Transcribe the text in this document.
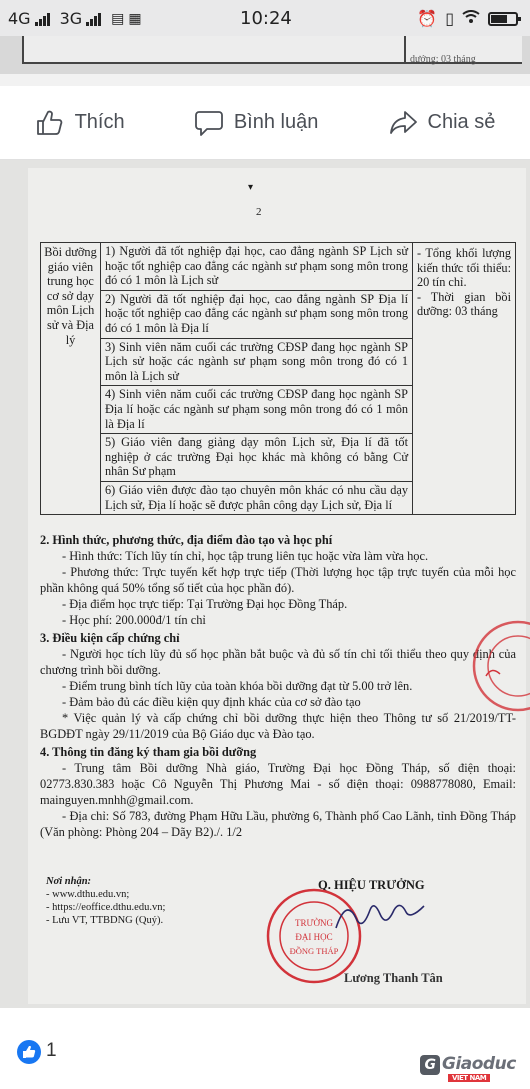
4G 3G ▤ ▦	10:24	⏰ ▯
dướng: 03 tháng
Thích	Bình luận	Chia sẻ
▾
2
Bồi dưỡng giáo viên trung học cơ sở dạy môn Lịch sử và Địa lý	
1) Người đã tốt nghiệp đại học, cao đẳng ngành SP Lịch sử hoặc tốt nghiệp cao đẳng các ngành sư phạm song môn trong đó có 1 môn là Lịch sử
2) Người đã tốt nghiệp đại học, cao đẳng ngành SP Địa lí hoặc tốt nghiệp cao đẳng các ngành sư phạm song môn trong đó có 1 môn là Địa lí
3) Sinh viên năm cuối các trường CĐSP đang học ngành SP Lịch sử hoặc các ngành sư phạm song môn trong đó có 1 môn là Lịch sử
4) Sinh viên năm cuối các trường CĐSP đang học ngành SP Địa lí hoặc các ngành sư phạm song môn trong đó có 1 môn là Địa lí
5) Giáo viên đang giảng dạy môn Lịch sử, Địa lí đã tốt nghiệp ở các trường Đại học khác mà không có bằng Cử nhân Sư phạm
6) Giáo viên được đào tạo chuyên môn khác có nhu cầu dạy Lịch sử, Địa lí hoặc sẽ được phân công dạy Lịch sử, Địa lí

- Tổng khối lượng kiến thức tối thiểu: 20 tín chỉ.
- Thời gian bồi dưỡng: 03 tháng
2. Hình thức, phương thức, địa điểm đào tạo và học phí
- Hình thức: Tích lũy tín chỉ, học tập trung liên tục hoặc vừa làm vừa học.
- Phương thức: Trực tuyến kết hợp trực tiếp (Thời lượng học tập trực tuyến của mỗi học phần không quá 50% tổng số tiết của học phần đó).
- Địa điểm học trực tiếp: Tại Trường Đại học Đồng Tháp.
- Học phí: 200.000đ/1 tín chỉ
3. Điều kiện cấp chứng chỉ
- Người học tích lũy đủ số học phần bắt buộc và đủ số tín chỉ tối thiểu theo quy định của chương trình bồi dưỡng.
- Điểm trung bình tích lũy của toàn khóa bồi dưỡng đạt từ 5.00 trở lên.
- Đảm bảo đủ các điều kiện quy định khác của cơ sở đào tạo
* Việc quản lý và cấp chứng chỉ bồi dưỡng thực hiện theo Thông tư số 21/2019/TT-BGDĐT ngày 29/11/2019 của Bộ Giáo dục và Đào tạo.
4. Thông tin đăng ký tham gia bồi dưỡng
- Trung tâm Bồi dưỡng Nhà giáo, Trường Đại học Đồng Tháp, số điện thoại: 02773.830.383 hoặc Cô Nguyễn Thị Phương Mai - số điện thoại: 0988778080, Email: mainguyen.mnhh@gmail.com.
- Địa chỉ: Số 783, đường Phạm Hữu Lầu, phường 6, Thành phố Cao Lãnh, tỉnh Đồng Tháp (Văn phòng: Phòng 204 – Dãy B2)./. 1/2
Nơi nhận:
- www.dthu.edu.vn;
- https://eoffice.dthu.edu.vn;
- Lưu VT, TTBDNG (Quý).
Q. HIỆU TRƯỞNG
TRƯỜNG
ĐẠI HỌC
ĐỒNG THÁP
Lương Thanh Tân
1
G Giaoduc
VIET NAM
